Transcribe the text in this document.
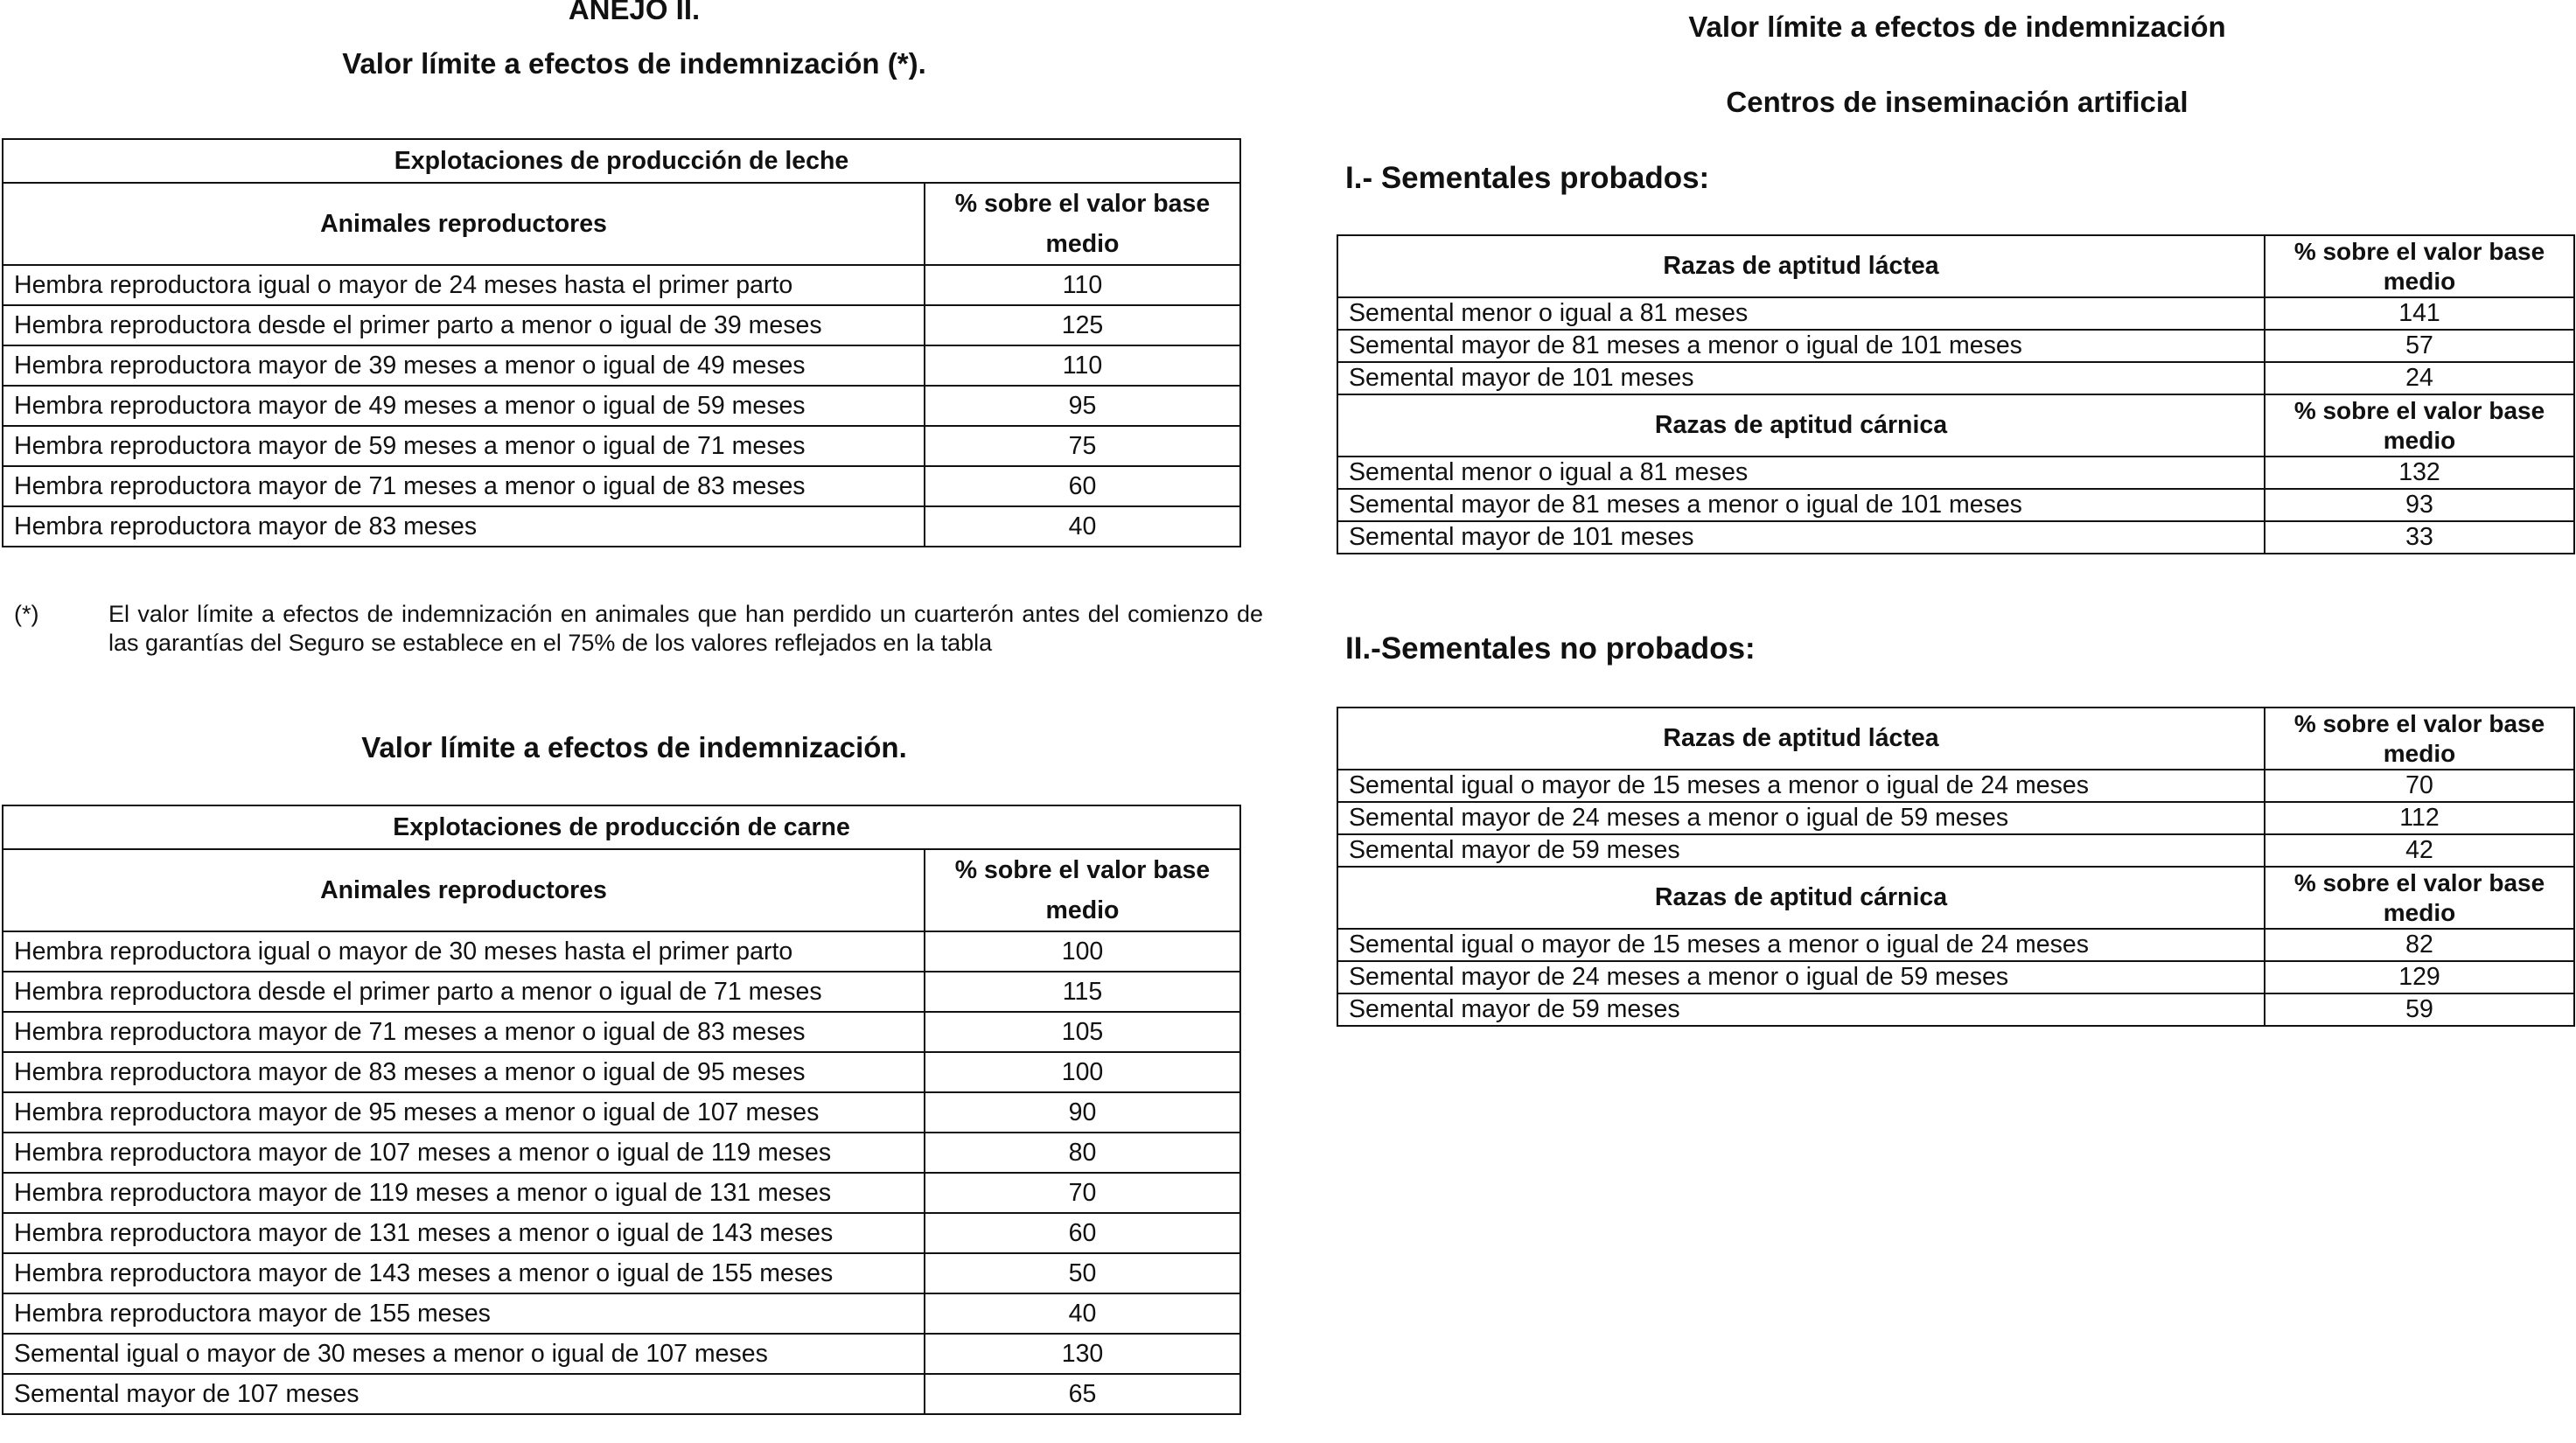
ANEJO II.
Valor límite a efectos de indemnización (*).
Explotaciones de producción de leche	
Animales reproductores	% sobre el valor base medio
Hembra reproductora igual o mayor de 24 meses hasta el primer parto	110
Hembra reproductora desde el primer parto a menor o igual de 39 meses	125
Hembra reproductora mayor de 39 meses a menor o igual de 49 meses	110
Hembra reproductora mayor de 49 meses a menor o igual de 59 meses	95
Hembra reproductora mayor de 59 meses a menor o igual de 71 meses	75
Hembra reproductora mayor de 71 meses a menor o igual de 83 meses	60
Hembra reproductora mayor de 83 meses	40
(*)	El valor límite a efectos de indemnización en animales que han perdido un cuarterón antes del comienzo de las garantías del Seguro se establece en el 75% de los valores reflejados en la tabla
Valor límite a efectos de indemnización.
Explotaciones de producción de carne	
Animales reproductores	% sobre el valor base medio
Hembra reproductora igual o mayor de 30 meses hasta el primer parto	100
Hembra reproductora desde el primer parto a menor o igual de 71 meses	115
Hembra reproductora mayor de 71 meses a menor o igual de 83 meses	105
Hembra reproductora mayor de 83 meses a menor o igual de 95 meses	100
Hembra reproductora mayor de 95 meses a menor o igual de 107 meses	90
Hembra reproductora mayor de 107 meses a menor o igual de 119 meses	80
Hembra reproductora mayor de 119 meses a menor o igual de 131 meses	70
Hembra reproductora mayor de 131 meses a menor o igual de 143 meses	60
Hembra reproductora mayor de 143 meses a menor o igual de 155 meses	50
Hembra reproductora mayor de 155 meses	40
Semental igual o mayor de 30 meses a menor o igual de 107 meses	130
Semental mayor de 107 meses	65
Valor límite a efectos de indemnización
Centros de inseminación artificial
I.- Sementales probados:
Razas de aptitud láctea	% sobre el valor base medio
Semental menor o igual a 81 meses	141
Semental mayor de 81 meses a menor o igual de 101 meses	57
Semental mayor de 101 meses	24
Razas de aptitud cárnica	% sobre el valor base medio
Semental menor o igual a 81 meses	132
Semental mayor de 81 meses a menor o igual de 101 meses	93
Semental mayor de 101 meses	33
II.-Sementales no probados:
Razas de aptitud láctea	% sobre el valor base medio
Semental igual o mayor de 15 meses a menor o igual de 24 meses	70
Semental mayor de 24 meses a menor o igual de 59 meses	112
Semental mayor de 59 meses	42
Razas de aptitud cárnica	% sobre el valor base medio
Semental igual o mayor de 15 meses a menor o igual de 24 meses	82
Semental mayor de 24 meses a menor o igual de 59 meses	129
Semental mayor de 59 meses	59
